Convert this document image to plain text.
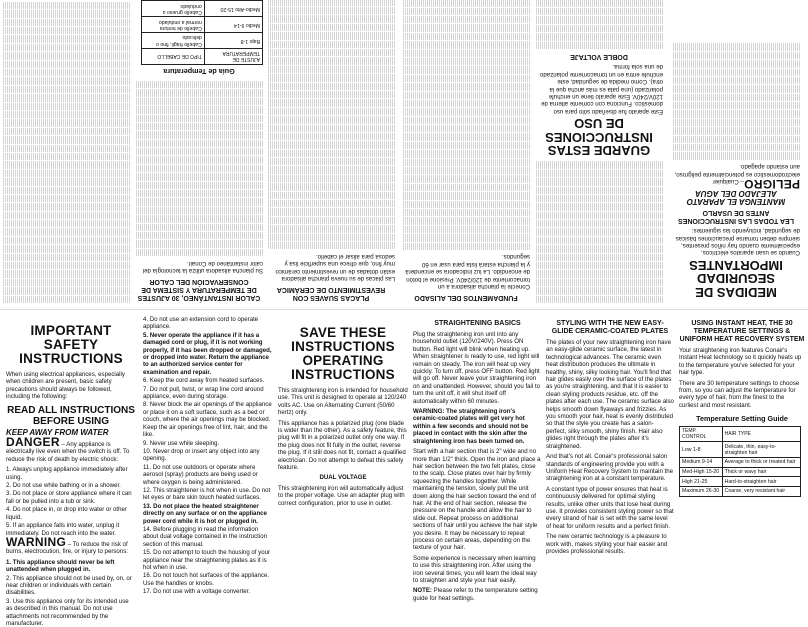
MEDIDAS DE SEGURIDAD IMPORTANTES

Cuando se usan aparatos eléctricos, especialmente cuando hay niños presentes, siempre deben tomarse precauciones básicas de seguridad, incluyendo las siguientes:

LEA TODAS LAS INSTRUCCIONES ANTES DE USARLO

MANTENGA EL APARATO ALEJADO DEL AGUA

PELIGRO– Cualquier electrodoméstico es potencialmente peligroso, aun estando apagado.

GUARDE ESTAS INSTRUCCIONES DE USO

Este aparato fue diseñado sólo para uso doméstico. Funciona con corriente alterna de 120V/240V. Este aparato tiene un enchufe polarizado (una pata es más ancha que la otra). Como medida de seguridad, este enchufe entra en un tomacorriente polarizado de una sola forma.

DOBLE VOLTAJE
FUNDAMENTOS DEL ALISADO

Conecte la plancha alisadora a un tomacorriente de 120/240V. Presione el botón de encendido. La luz indicadora se encenderá y la plancha estará lista para usar en 60 segundos.

PLACAS SUAVES CON REVESTIMIENTO DE CERÁMICA

Las placas de su nueva plancha alisadora están dotadas de un revestimiento cerámico muy fino, que ofrece una superficie lisa y sedosa para alisar el cabello.

CALOR INSTANTÁNEO, 30 AJUSTES DE TEMPERATURA Y SISTEMA DE CONSERVACIÓN DEL CALOR

Su plancha alisadora utiliza la tecnología del calor instantáneo de Conair.

Guía de Temperatura
AJUSTE DE TEMPERATURA	TIPO DE CABELLO
Bajo 1-8	Cabello frágil, fino o delicado
Medio 9-14	Cabello de textura normal a ondulado
Medio-Alto 15-20	Cabello grueso u ondulado

IMPORTANT SAFETY INSTRUCTIONS

When using electrical appliances, especially when children are present, basic safety precautions should always be followed, including the following:

READ ALL INSTRUCTIONS BEFORE USING

KEEP AWAY FROM WATER

DANGER – Any appliance is electrically live even when the switch is off. To reduce the risk of death by electric shock:

1. Always unplug appliance immediately after using.
2. Do not use while bathing or in a shower.
3. Do not place or store appliance where it can fall or be pulled into a tub or sink.
4. Do not place in, or drop into water or other liquid.
5. If an appliance falls into water, unplug it immediately. Do not reach into the water.

WARNING – To reduce the risk of burns, electrocution, fire, or injury to persons:

1. This appliance should never be left unattended when plugged in.
2. This appliance should not be used by, on, or near children or individuals with certain disabilities.
3. Use this appliance only for its intended use as described in this manual. Do not use attachments not recommended by the manufacturer.
4. Do not use an extension cord to operate appliance.
5. Never operate the appliance if it has a damaged cord or plug, if it is not working properly, if it has been dropped or damaged, or dropped into water. Return the appliance to an authorized service center for examination and repair.
6. Keep the cord away from heated surfaces.
7. Do not pull, twist, or wrap line cord around appliance, even during storage.
8. Never block the air openings of the appliance or place it on a soft surface, such as a bed or couch, where the air openings may be blocked. Keep the air openings free of lint, hair, and the like.
9. Never use while sleeping.
10. Never drop or insert any object into any opening.
11. Do not use outdoors or operate where aerosol (spray) products are being used or where oxygen is being administered.
12. This straightener is hot when in use. Do not let eyes or bare skin touch heated surfaces.
13. Do not place the heated straightener directly on any surface or on the appliance power cord while it is hot or plugged in.
14. Before plugging in read the information about dual voltage contained in the instruction section of this manual.
15. Do not attempt to touch the housing of your appliance near the straightening plates as it is hot when in use.
16. Do not touch hot surfaces of the appliance. Use the handles or knobs.
17. Do not use with a voltage converter.
SAVE THESE INSTRUCTIONS OPERATING INSTRUCTIONS

This straightening iron is intended for household use. This unit is designed to operate at 120/240 volts AC. Use on Alternating Current (50/60 hertz) only.

This appliance has a polarized plug (one blade is wider than the other). As a safety feature, this plug will fit in a polarized outlet only one way. If the plug does not fit fully in the outlet, reverse the plug. If it still does not fit, contact a qualified electrician. Do not attempt to defeat this safety feature.

DUAL VOLTAGE

This straightening iron will automatically adjust to the proper voltage. Use an adapter plug with correct configuration, prior to use in outlet.

STRAIGHTENING BASICS

Plug the straightening iron unit into any household outlet (120V/240V). Press ON button. Red light will blink when heating up. When straightener is ready to use, red light will remain on steady. The iron will heat up very quickly. To turn off, press OFF button. Red light will go off. Never leave your straightening iron on and unattended. However, should you fail to turn the unit off, it will shut itself off automatically within 60 minutes.

WARNING: The straightening iron's ceramic-coated plates will get very hot within a few seconds and should not be placed in contact with the skin after the straightening iron has been turned on.

Start with a hair section that is 2" wide and no more than 1/2" thick. Open the iron and place a hair section between the two felt plates, close to the scalp. Close plates over hair by firmly squeezing the handles together. While maintaining the tension, slowly pull the unit down along the hair section toward the end of hair. At the end of hair section, release the pressure on the handle and allow the hair to slide out. Repeat process on additional sections of hair until you achieve the hair style you desire. It may be necessary to repeat process on certain areas, depending on the texture of your hair.

Some experience is necessary when learning to use this straightening iron. After using the iron several times, you will learn the ideal way to straighten and style your hair easily.

NOTE: Please refer to the temperature setting guide for heat settings.

STYLING WITH THE NEW EASY-GLIDE CERAMIC-COATED PLATES

The plates of your new straightening iron have an easy-glide ceramic surface, the latest in technological advances. The ceramic even heat distribution produces the ultimate in healthy, shiny, silky looking hair. You'll find that hair glides easily over the surface of the plates as you're straightening, and that it is easier to clean styling products residue, etc. off the plates after each use. The ceramic surface also helps smooth down flyaways and frizzies. As you smooth your hair, heat is evenly distributed so that the style you create has a salon-perfect, silky smooth, shiny finish. Hair also glides right through the plates after it's straightened.

And that's not all. Conair's professional salon standards of engineering provide you with a Uniform Heat Recovery System to maintain the straightening iron at a constant temperature.

A constant type of power ensures that heat is continuously delivered for optimal styling results, unlike other units that lose heat during use. It provides consistent styling power so that every strand of hair is set with the same level of heat for uniform results and a perfect finish.

The new ceramic technology is a pleasure to work with, makes styling your hair easier and provides professional results.

USING INSTANT HEAT, THE 30 TEMPERATURE SETTINGS & UNIFORM HEAT RECOVERY SYSTEM

Your straightening iron features Conair's Instant Heat technology so it quickly heats up to the temperature you've selected for your hair type.

There are 30 temperature settings to choose from, so you can adjust the temperature for every type of hair, from the finest to the curliest and most resistant.

Temperature Setting Guide
TEMP. CONTROL	HAIR TYPE
Low 1-8	Delicate, thin, easy-to-straighten hair
Medium 9-14	Average to thick or treated hair
Med-High 15-20	Thick or wavy hair
High 21-25	Hard-to-straighten hair
Maximum 26-30	Coarse, very resistant hair
